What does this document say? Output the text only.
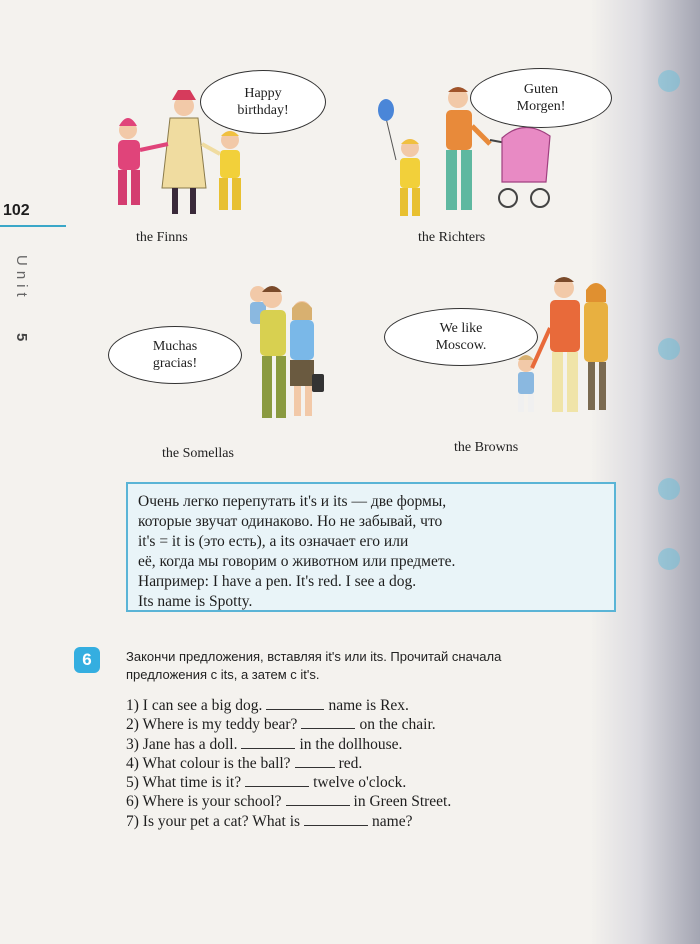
102
Unit
5
Happy
birthday!
the Finns
Guten
Morgen!
the Richters
Muchas
gracias!
the Somellas
We like
Moscow.
the Browns

Очень легко перепутать it's и its — две формы,

которые звучат одинаково. Но не забывай, что

it's = it is (это есть), а its означает его или

её, когда мы говорим о животном или предмете.

Например: I have a pen. It's red. I see a dog.

Its name is Spotty.

6	Закончи предложения, вставляя it's или its. Прочитай сначала
предложения с its, а затем с it's.
1) I can see a big dog.	name is Rex.
2) Where is my teddy bear?	on the chair.
3) Jane has a doll.	in the dollhouse.
4) What colour is the ball?	red.
5) What time is it?	twelve o'clock.
6) Where is your school?	in Green Street.
7) Is your pet a cat? What is	name?
